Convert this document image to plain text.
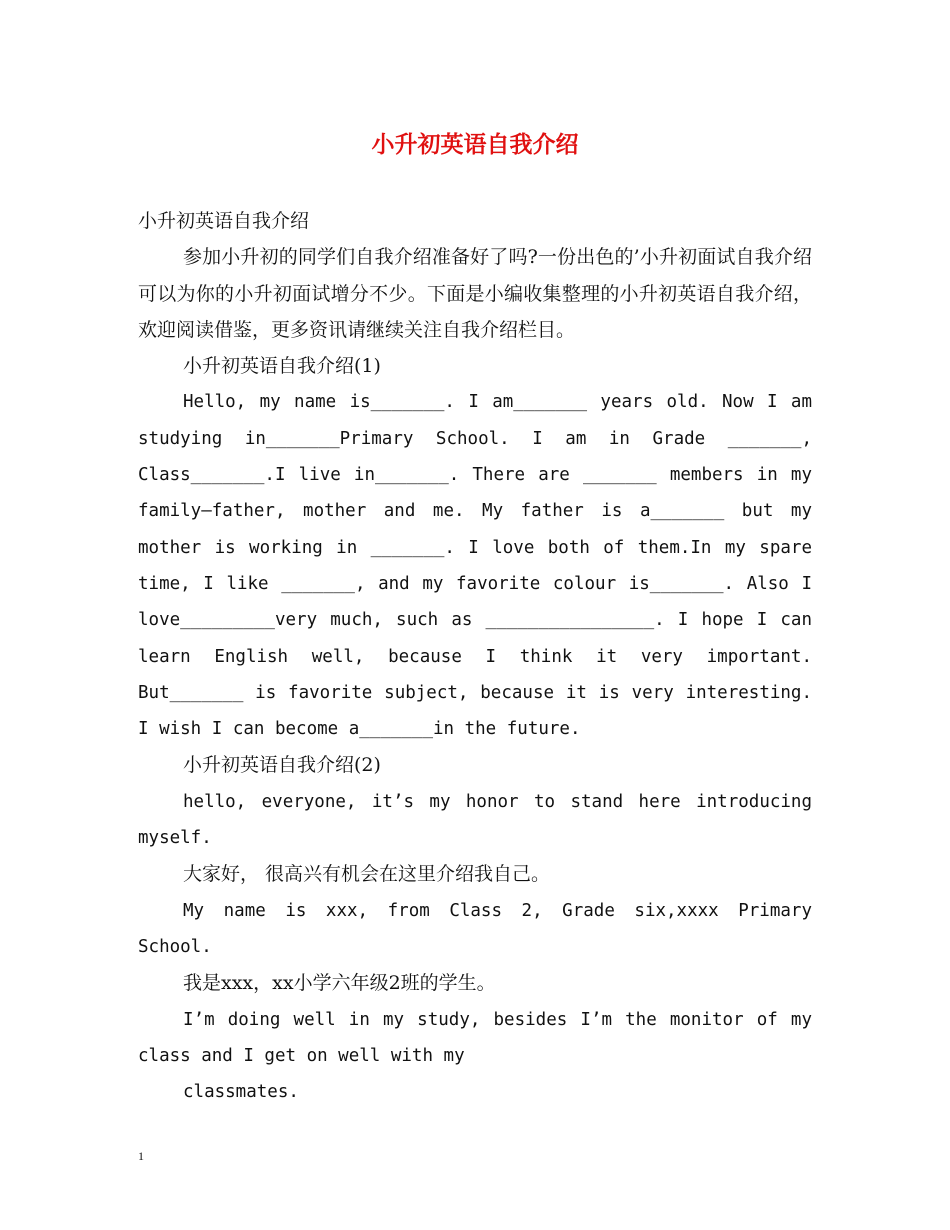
小升初英语自我介绍

小升初英语自我介绍

参加小升初的同学们自我介绍准备好了吗?一份出色的’小升初面试自我介绍可以为你的小升初面试增分不少。下面是小编收集整理的小升初英语自我介绍，欢迎阅读借鉴，更多资讯请继续关注自我介绍栏目。

小升初英语自我介绍(1)

Hello, my name is_______. I am_______ years old. Now I am studying in_______Primary School. I am in Grade _______, Class_______.I live in_______. There are _______ members in my family—father, mother and me. My father is a_______ but my mother is working in _______. I love both of them.In my spare time, I like _______, and my favorite colour is_______. Also I love_________very much, such as ________________. I hope I can learn English well, because I think it very important. But_______ is favorite subject, because it is very interesting. I wish I can become a_______in the future.

小升初英语自我介绍(2)

hello, everyone, it’s my honor to stand here introducing myself.

大家好， 很高兴有机会在这里介绍我自己。

My name is xxx, from Class 2, Grade six,xxxx Primary School.

我是xxx，xx小学六年级2班的学生。

I’m doing well in my study, besides I’m the monitor of my class and I get on well with my

classmates.

1
